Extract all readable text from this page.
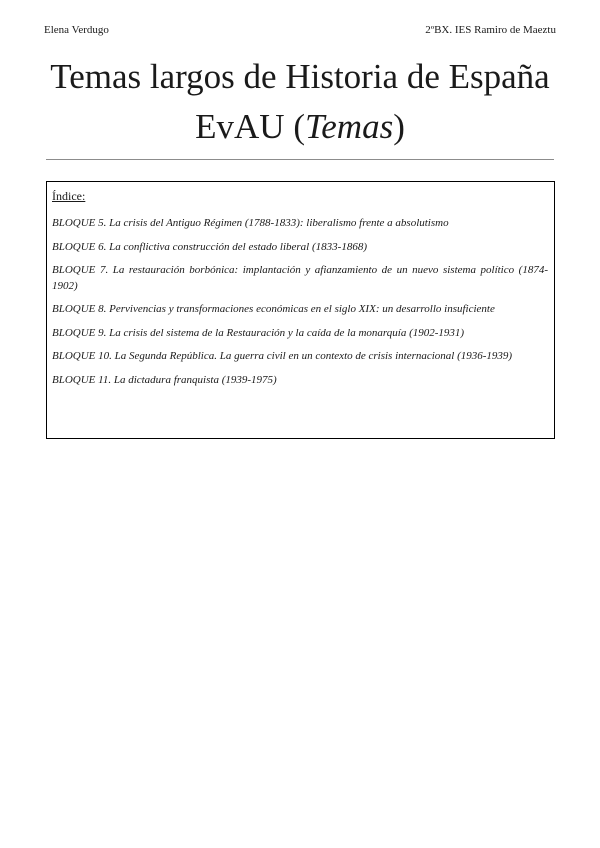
Elena Verdugo	2ºBX. IES Ramiro de Maeztu
Temas largos de Historia de España EvAU (Temas)

Índice:

BLOQUE 5. La crisis del Antiguo Régimen (1788-1833): liberalismo frente a absolutismo

BLOQUE 6. La conflictiva construcción del estado liberal (1833-1868)

BLOQUE 7. La restauración borbónica: implantación y afianzamiento de un nuevo sistema político (1874-1902)

BLOQUE 8. Pervivencias y transformaciones económicas en el siglo XIX: un desarrollo insuficiente

BLOQUE 9. La crisis del sistema de la Restauración y la caída de la monarquía (1902-1931)

BLOQUE 10. La Segunda República. La guerra civil en un contexto de crisis internacional (1936-1939)

BLOQUE 11. La dictadura franquista (1939-1975)
